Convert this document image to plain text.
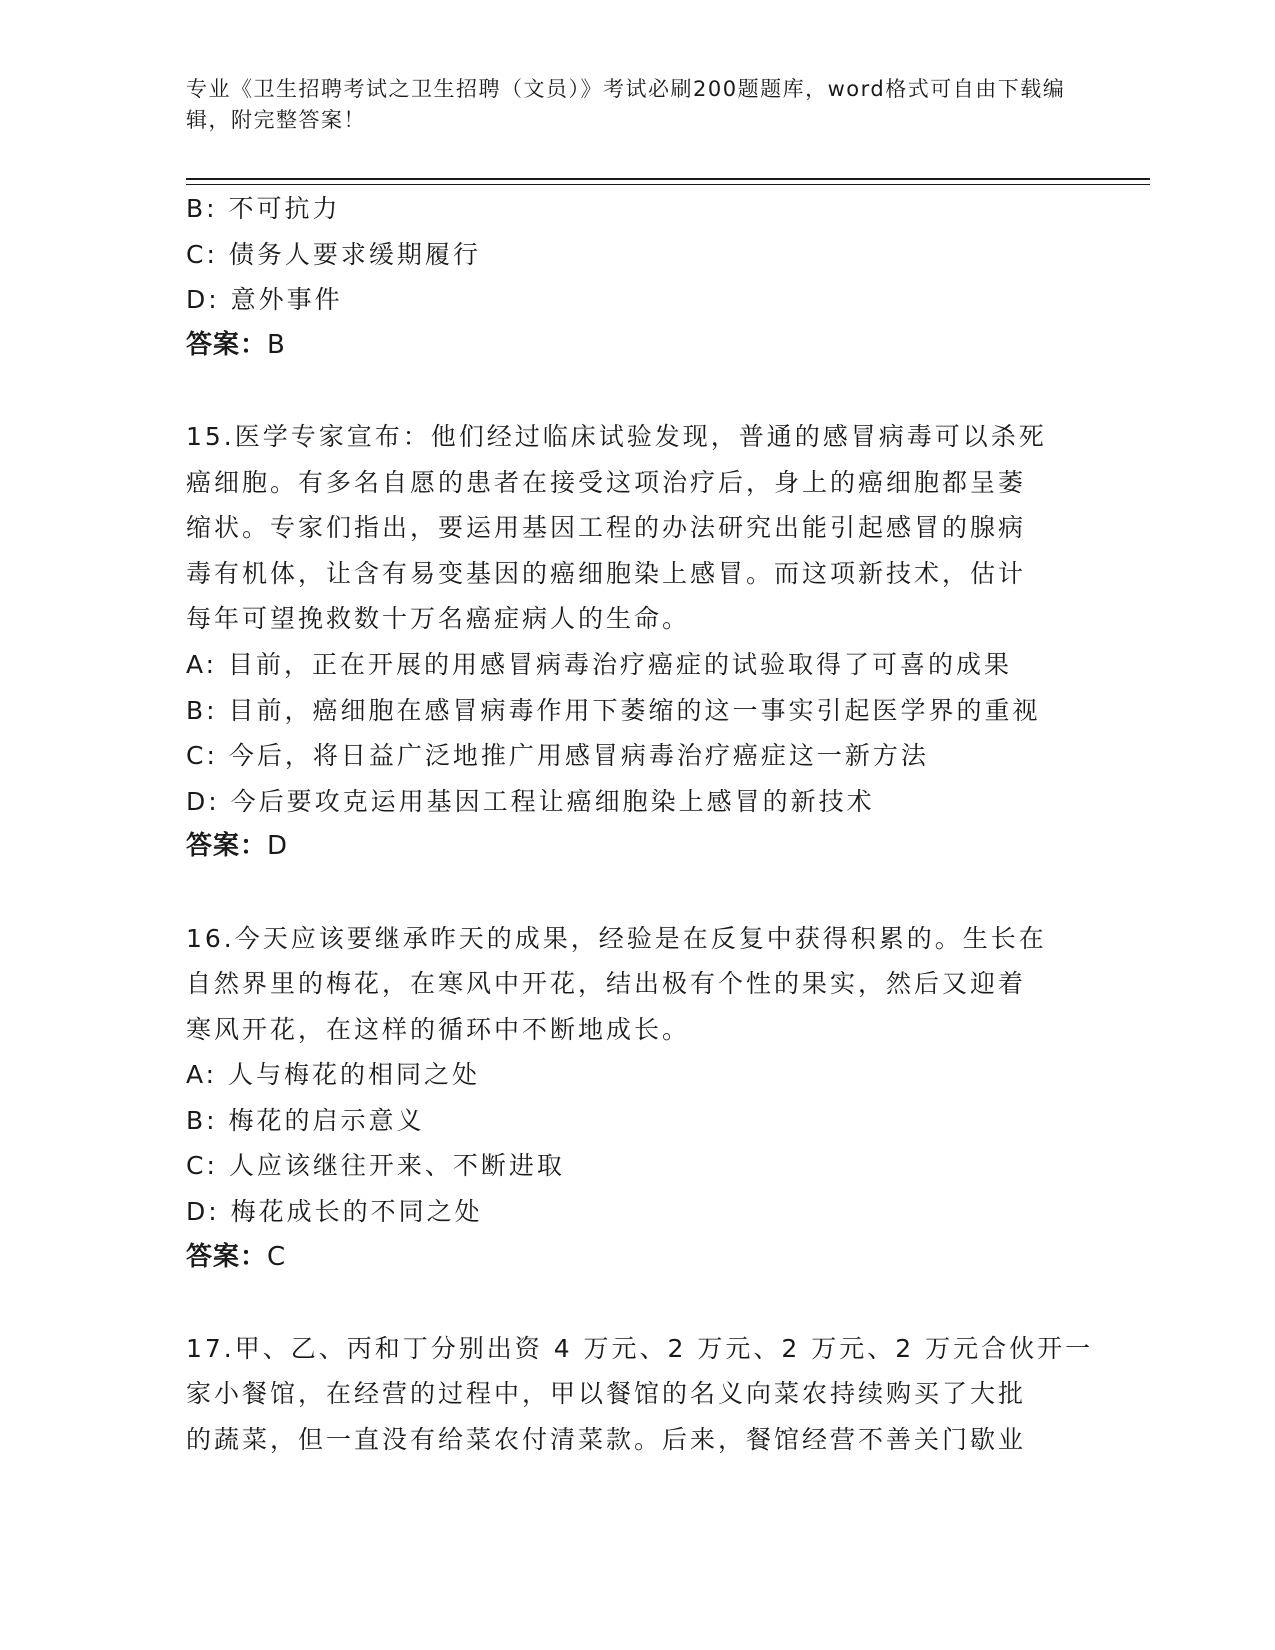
专业《卫生招聘考试之卫生招聘（文员）》考试必刷200题题库，word格式可自由下载编辑，附完整答案！
B: 不可抗力
C: 债务人要求缓期履行
D: 意外事件
答案：B
15.医学专家宣布：他们经过临床试验发现，普通的感冒病毒可以杀死
癌细胞。有多名自愿的患者在接受这项治疗后，身上的癌细胞都呈萎
缩状。专家们指出，要运用基因工程的办法研究出能引起感冒的腺病
毒有机体，让含有易变基因的癌细胞染上感冒。而这项新技术，估计
每年可望挽救数十万名癌症病人的生命。
A: 目前，正在开展的用感冒病毒治疗癌症的试验取得了可喜的成果
B: 目前，癌细胞在感冒病毒作用下萎缩的这一事实引起医学界的重视
C: 今后，将日益广泛地推广用感冒病毒治疗癌症这一新方法
D: 今后要攻克运用基因工程让癌细胞染上感冒的新技术
答案：D
16.今天应该要继承昨天的成果，经验是在反复中获得积累的。生长在
自然界里的梅花，在寒风中开花，结出极有个性的果实，然后又迎着
寒风开花，在这样的循环中不断地成长。
A: 人与梅花的相同之处
B: 梅花的启示意义
C: 人应该继往开来、不断进取
D: 梅花成长的不同之处
答案：C
17.甲、乙、丙和丁分别出资 4 万元、2 万元、2 万元、2 万元合伙开一
家小餐馆，在经营的过程中，甲以餐馆的名义向菜农持续购买了大批
的蔬菜，但一直没有给菜农付清菜款。后来，餐馆经营不善关门歇业
